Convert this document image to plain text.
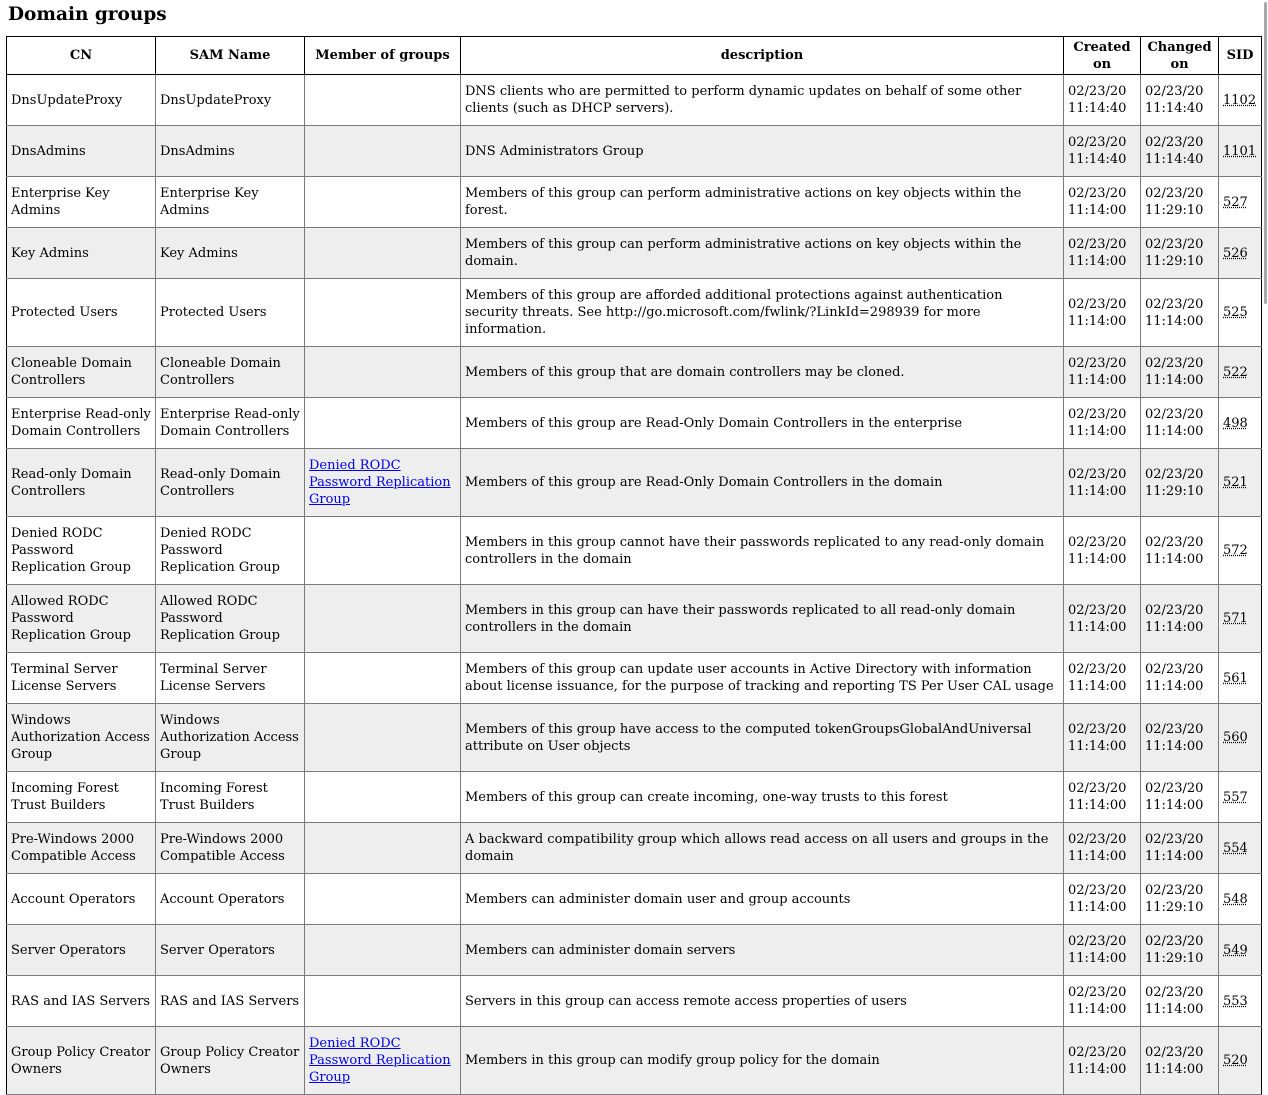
Domain groups
CN	SAM Name	Member of groups	description	Created on	Changed on	SID
DnsUpdateProxy	DnsUpdateProxy		DNS clients who are permitted to perform dynamic updates on behalf of some other clients (such as DHCP servers).	02/23/20 11:14:40	02/23/20 11:14:40	1102
DnsAdmins	DnsAdmins		DNS Administrators Group	02/23/20 11:14:40	02/23/20 11:14:40	1101
Enterprise Key Admins	Enterprise Key Admins		Members of this group can perform administrative actions on key objects within the forest.	02/23/20 11:14:00	02/23/20 11:29:10	527
Key Admins	Key Admins		Members of this group can perform administrative actions on key objects within the domain.	02/23/20 11:14:00	02/23/20 11:29:10	526
Protected Users	Protected Users		Members of this group are afforded additional protections against authentication security threats. See http://go.microsoft.com/fwlink/?LinkId=298939 for more information.	02/23/20 11:14:00	02/23/20 11:14:00	525
Cloneable Domain Controllers	Cloneable Domain Controllers		Members of this group that are domain controllers may be cloned.	02/23/20 11:14:00	02/23/20 11:14:00	522
Enterprise Read-only Domain Controllers	Enterprise Read-only Domain Controllers		Members of this group are Read-Only Domain Controllers in the enterprise	02/23/20 11:14:00	02/23/20 11:14:00	498
Read-only Domain Controllers	Read-only Domain Controllers	Denied RODC Password Replication Group	Members of this group are Read-Only Domain Controllers in the domain	02/23/20 11:14:00	02/23/20 11:29:10	521
Denied RODC Password Replication Group	Denied RODC Password Replication Group		Members in this group cannot have their passwords replicated to any read-only domain controllers in the domain	02/23/20 11:14:00	02/23/20 11:14:00	572
Allowed RODC Password Replication Group	Allowed RODC Password Replication Group		Members in this group can have their passwords replicated to all read-only domain controllers in the domain	02/23/20 11:14:00	02/23/20 11:14:00	571
Terminal Server License Servers	Terminal Server License Servers		Members of this group can update user accounts in Active Directory with information about license issuance, for the purpose of tracking and reporting TS Per User CAL usage	02/23/20 11:14:00	02/23/20 11:14:00	561
Windows Authorization Access Group	Windows Authorization Access Group		Members of this group have access to the computed tokenGroupsGlobalAndUniversal attribute on User objects	02/23/20 11:14:00	02/23/20 11:14:00	560
Incoming Forest Trust Builders	Incoming Forest Trust Builders		Members of this group can create incoming, one-way trusts to this forest	02/23/20 11:14:00	02/23/20 11:14:00	557
Pre-Windows 2000 Compatible Access	Pre-Windows 2000 Compatible Access		A backward compatibility group which allows read access on all users and groups in the domain	02/23/20 11:14:00	02/23/20 11:14:00	554
Account Operators	Account Operators		Members can administer domain user and group accounts	02/23/20 11:14:00	02/23/20 11:29:10	548
Server Operators	Server Operators		Members can administer domain servers	02/23/20 11:14:00	02/23/20 11:29:10	549
RAS and IAS Servers	RAS and IAS Servers		Servers in this group can access remote access properties of users	02/23/20 11:14:00	02/23/20 11:14:00	553
Group Policy Creator Owners	Group Policy Creator Owners	Denied RODC Password Replication Group	Members in this group can modify group policy for the domain	02/23/20 11:14:00	02/23/20 11:14:00	520
